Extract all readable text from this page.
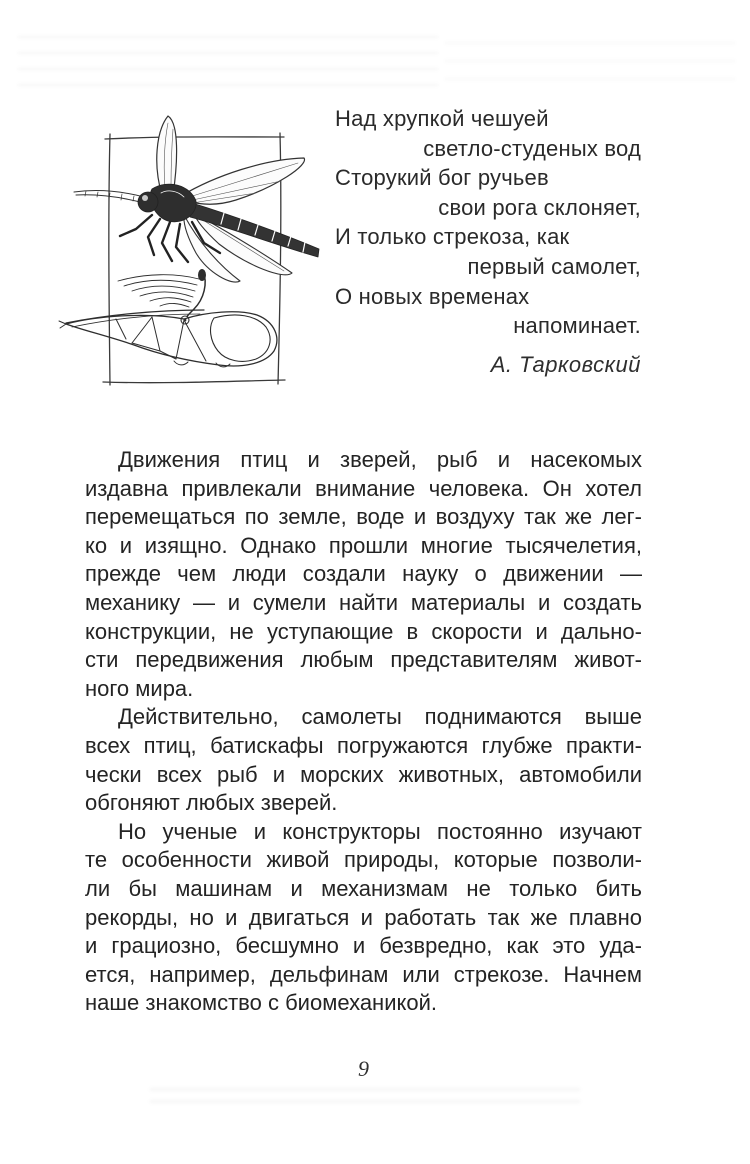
Над хрупкой чешуей
светло-студеных вод
Сторукий бог ручьев
свои рога склоняет,
И только стрекоза, как
первый самолет,
О новых временах
напоминает.
А. Тарковский
Движения птиц и зверей, рыб и насекомых
издавна привлекали внимание человека. Он хотел
перемещаться по земле, воде и воздуху так же лег-
ко и изящно. Однако прошли многие тысячелетия,
прежде чем люди создали науку о движении —
механику — и сумели найти материалы и создать
конструкции, не уступающие в скорости и дально-
сти передвижения любым представителям живот-
ного мира.
Действительно, самолеты поднимаются выше
всех птиц, батискафы погружаются глубже практи-
чески всех рыб и морских животных, автомобили
обгоняют любых зверей.
Но ученые и конструкторы постоянно изучают
те особенности живой природы, которые позволи-
ли бы машинам и механизмам не только бить
рекорды, но и двигаться и работать так же плавно
и грациозно, бесшумно и безвредно, как это уда-
ется, например, дельфинам или стрекозе. Начнем
наше знакомство с биомеханикой.
9
